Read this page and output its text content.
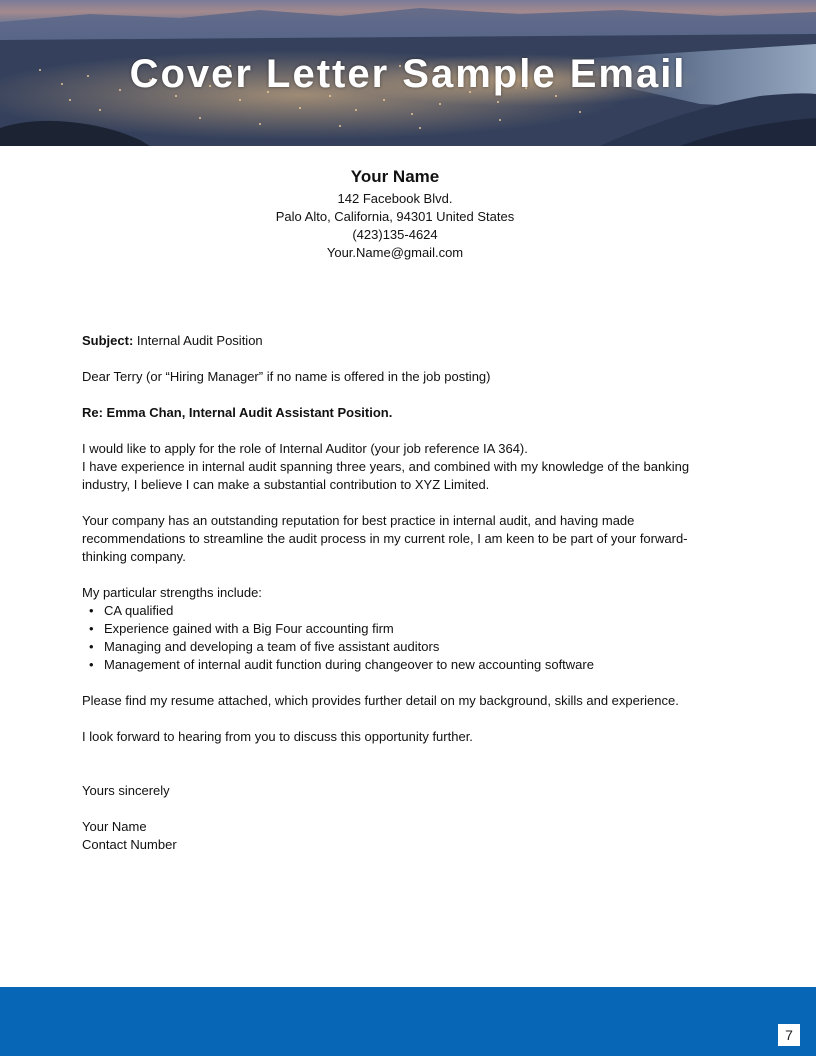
Cover Letter Sample Email
Your Name
142 Facebook Blvd.
Palo Alto, California, 94301 United States
(423)135-4624
Your.Name@gmail.com

Subject: Internal Audit Position

Dear Terry (or “Hiring Manager” if no name is offered in the job posting)

Re: Emma Chan, Internal Audit Assistant Position.

I would like to apply for the role of Internal Auditor (your job reference IA 364).
I have experience in internal audit spanning three years, and combined with my knowledge of the banking industry, I believe I can make a substantial contribution to XYZ Limited.

Your company has an outstanding reputation for best practice in internal audit, and having made recommendations to streamline the audit process in my current role, I am keen to be part of your forward-thinking company.

My particular strengths include:
• CA qualified
• Experience gained with a Big Four accounting firm
• Managing and developing a team of five assistant auditors
• Management of internal audit function during changeover to new accounting software

Please find my resume attached, which provides further detail on my background, skills and experience.

I look forward to hearing from you to discuss this opportunity further.

Yours sincerely

Your Name
Contact Number
7
